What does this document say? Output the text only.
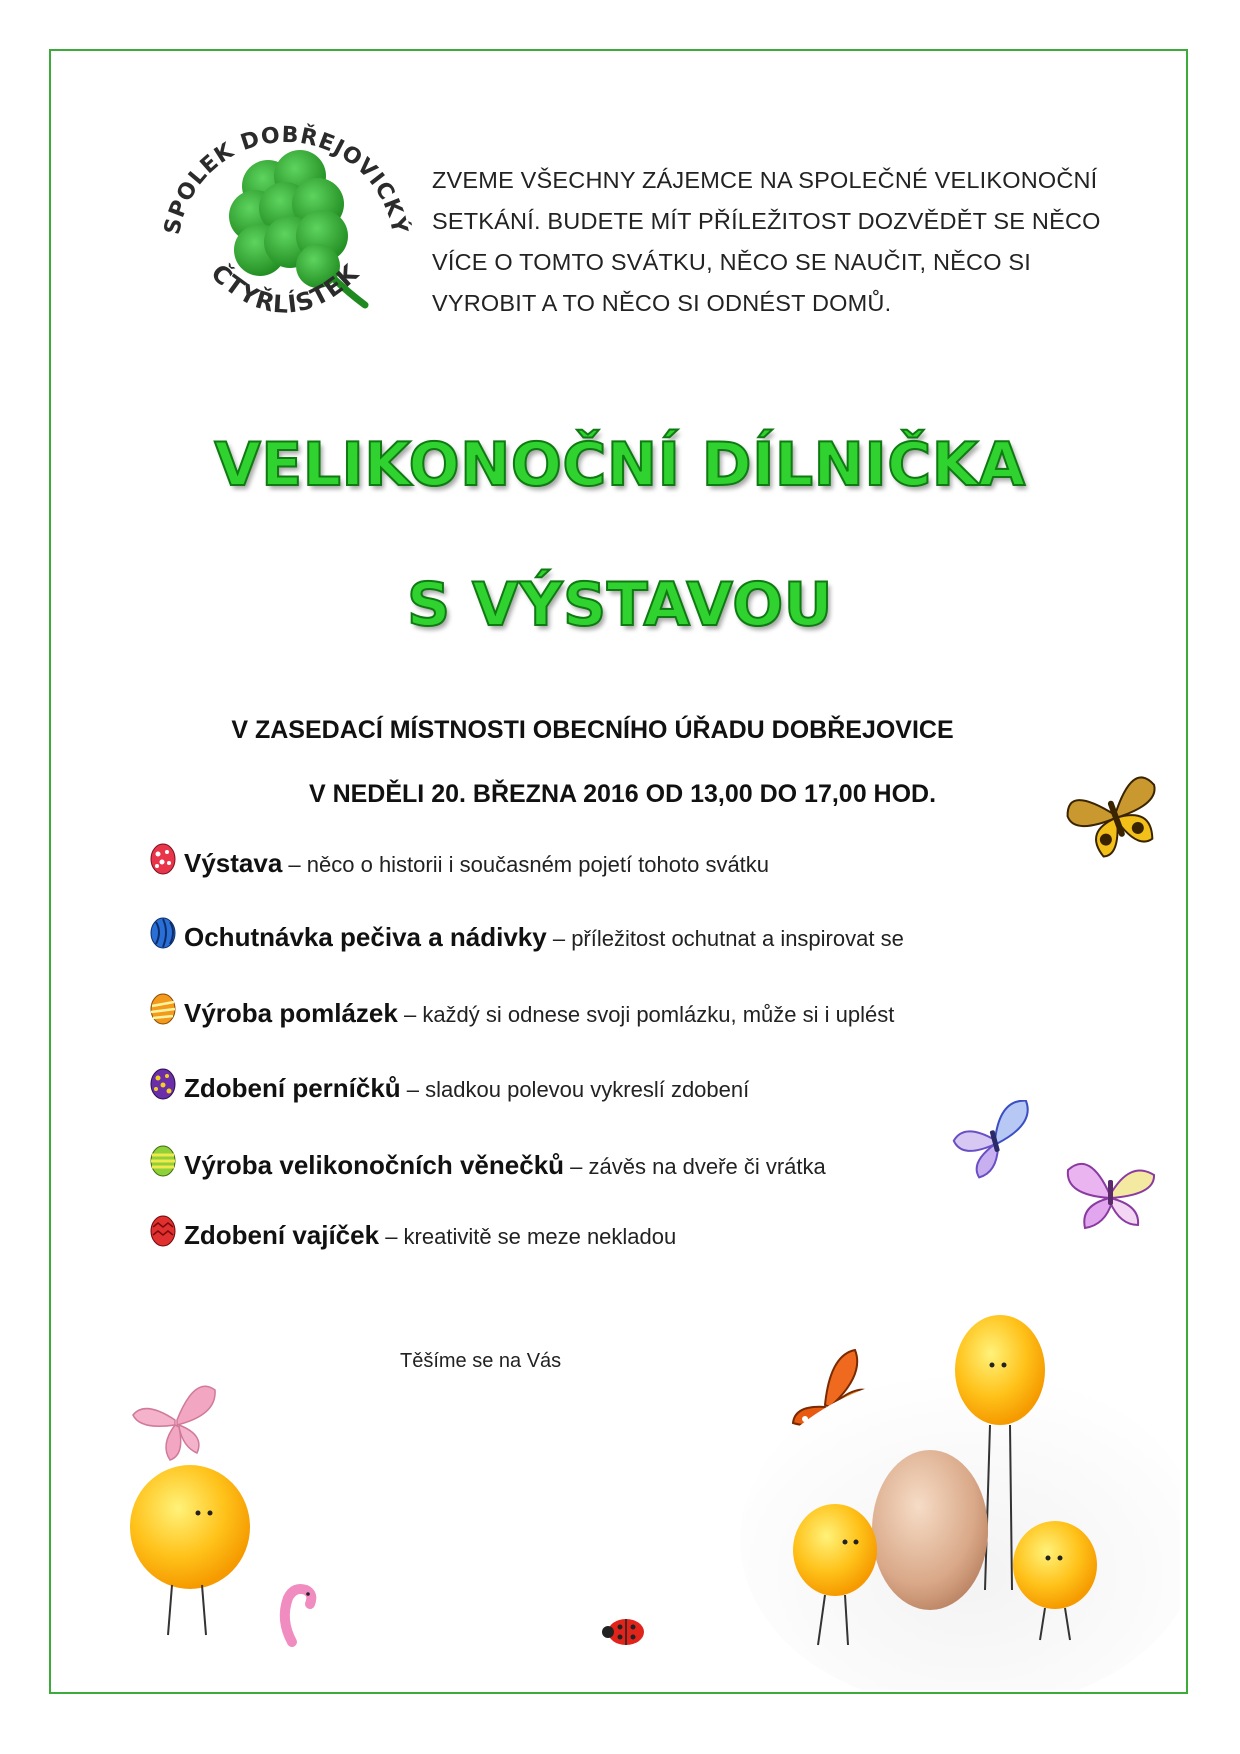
SPOLEK DOBŘEJOVICKÝ
ČTYŘLÍSTEK
ZVEME VŠECHNY ZÁJEMCE NA SPOLEČNÉ VELIKONOČNÍ
SETKÁNÍ. BUDETE MÍT PŘÍLEŽITOST DOZVĚDĚT SE NĚCO
VÍCE O TOMTO SVÁTKU, NĚCO SE NAUČIT, NĚCO SI
VYROBIT A TO NĚCO SI ODNÉST DOMŮ.
VELIKONOČNÍ DÍLNIČKA
S VÝSTAVOU
V ZASEDACÍ MÍSTNOSTI OBECNÍHO ÚŘADU DOBŘEJOVICE
V NEDĚLI 20. BŘEZNA 2016 OD 13,00 DO 17,00 HOD.
Výstava – něco o historii i současném pojetí tohoto svátku
Ochutnávka pečiva a nádivky – příležitost ochutnat a inspirovat se
Výroba pomlázek – každý si odnese svoji pomlázku, může si i uplést
Zdobení perníčků – sladkou polevou vykreslí zdobení
Výroba velikonočních věnečků – závěs na dveře či vrátka
Zdobení vajíček – kreativitě se meze nekladou
Těšíme se na Vás
